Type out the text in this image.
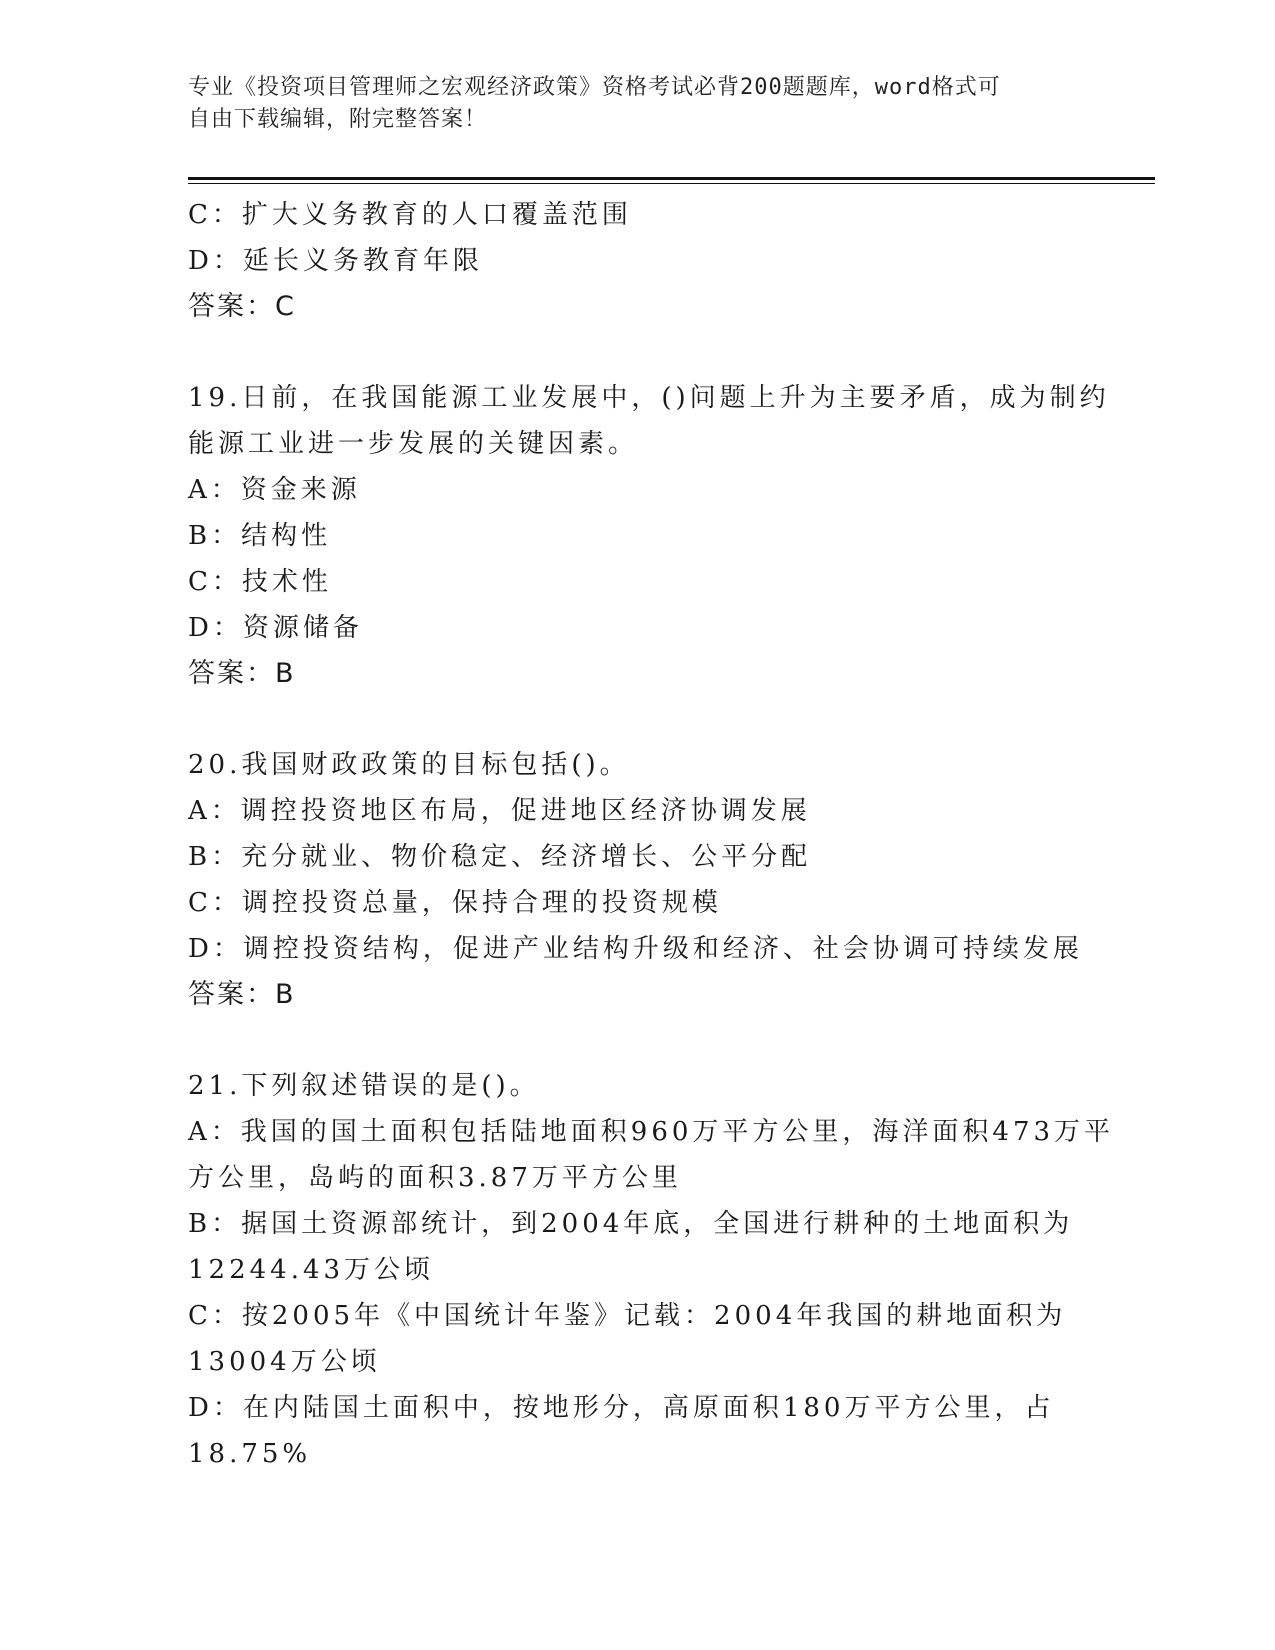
专业《投资项目管理师之宏观经济政策》资格考试必背200题题库，word格式可
自由下载编辑，附完整答案！
C：扩大义务教育的人口覆盖范围
D：延长义务教育年限
答案：C
19.日前，在我国能源工业发展中，()问题上升为主要矛盾，成为制约
能源工业进一步发展的关键因素。
A：资金来源
B：结构性
C：技术性
D：资源储备
答案：B
20.我国财政政策的目标包括()。
A：调控投资地区布局，促进地区经济协调发展
B：充分就业、物价稳定、经济增长、公平分配
C：调控投资总量，保持合理的投资规模
D：调控投资结构，促进产业结构升级和经济、社会协调可持续发展
答案：B
21.下列叙述错误的是()。
A：我国的国土面积包括陆地面积960万平方公里，海洋面积473万平
方公里，岛屿的面积3.87万平方公里
B：据国土资源部统计，到2004年底，全国进行耕种的土地面积为
12244.43万公顷
C：按2005年《中国统计年鉴》记载：2004年我国的耕地面积为
13004万公顷
D：在内陆国土面积中，按地形分，高原面积180万平方公里，占
18.75%
